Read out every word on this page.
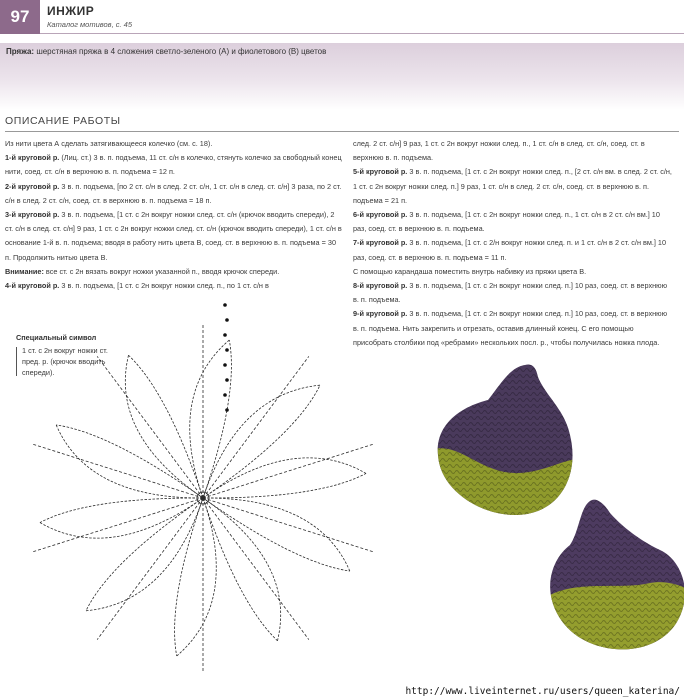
97	ИНЖИР
Каталог мотивов, с. 45
Пряжа: шерстяная пряжа в 4 сложения светло-зеленого (А) и фиолетового (В) цветов
ОПИСАНИЕ РАБОТЫ

Из нити цвета А сделать затягивающееся колечко (см. с. 18).

1-й круговой р. (Лиц. ст.) 3 в. п. подъема, 11 ст. с/н в колечко, стянуть колечко за свободный конец нити, соед. ст. с/н в верхнюю в. п. подъема = 12 п.

2-й круговой р. 3 в. п. подъема, [по 2 ст. с/н в след. 2 ст. с/н, 1 ст. с/н в след. ст. с/н] 3 раза, по 2 ст. с/н в след. 2 ст. с/н, соед. ст. в верхнюю в. п. подъема = 18 п.

3-й круговой р. 3 в. п. подъема, [1 ст. с 2н вокруг ножки след. ст. с/н (крючок вводить спереди), 2 ст. с/н в след. ст. с/н] 9 раз, 1 ст. с 2н вокруг ножки след. ст. с/н (крючок вводить спереди), 1 ст. с/н в основание 1-й в. п. подъема; вводя в работу нить цвета В, соед. ст. в верхнюю в. п. подъема = 30 п. Продолжить нитью цвета В.

Внимание: все ст. с 2н вязать вокруг ножки указанной п., вводя крючок спереди.

4-й круговой р. 3 в. п. подъема, [1 ст. с 2н вокруг ножки след. п., по 1 ст. с/н в

след. 2 ст. с/н] 9 раз, 1 ст. с 2н вокруг ножки след. п., 1 ст. с/н в след. ст. с/н, соед. ст. в верхнюю в. п. подъема.

5-й круговой р. 3 в. п. подъема, [1 ст. с 2н вокруг ножки след. п., [2 ст. с/н вм. в след. 2 ст. с/н, 1 ст. с 2н вокруг ножки след. п.] 9 раз, 1 ст. с/н в след. 2 ст. с/н, соед. ст. в верхнюю в. п. подъема = 21 п.

6-й круговой р. 3 в. п. подъема, [1 ст. с 2н вокруг ножки след. п., 1 ст. с/н в 2 ст. с/н вм.] 10 раз, соед. ст. в верхнюю в. п. подъема.

7-й круговой р. 3 в. п. подъема, [1 ст. с 2/н вокруг ножки след. п. и 1 ст. с/н в 2 ст. с/н вм.] 10 раз, соед. ст. в верхнюю в. п. подъема = 11 п.

С помощью карандаша поместить внутрь набивку из пряжи цвета В.

8-й круговой р. 3 в. п. подъема, [1 ст. с 2н вокруг ножки след. п.] 10 раз, соед. ст. в верхнюю в. п. подъема.

9-й круговой р. 3 в. п. подъема, [1 ст. с 2н вокруг ножки след. п.] 10 раз, соед. ст. в верхнюю в. п. подъема. Нить закрепить и отрезать, оставив длинный конец. С его помощью присобрать столбики под «ребрами» нескольких посл. р., чтобы получилась ножка плода.

Специальный символ
1 ст. с 2н вокруг ножки ст. пред. р. (крючок вводить спереди).
http://www.liveinternet.ru/users/queen_katerina/
